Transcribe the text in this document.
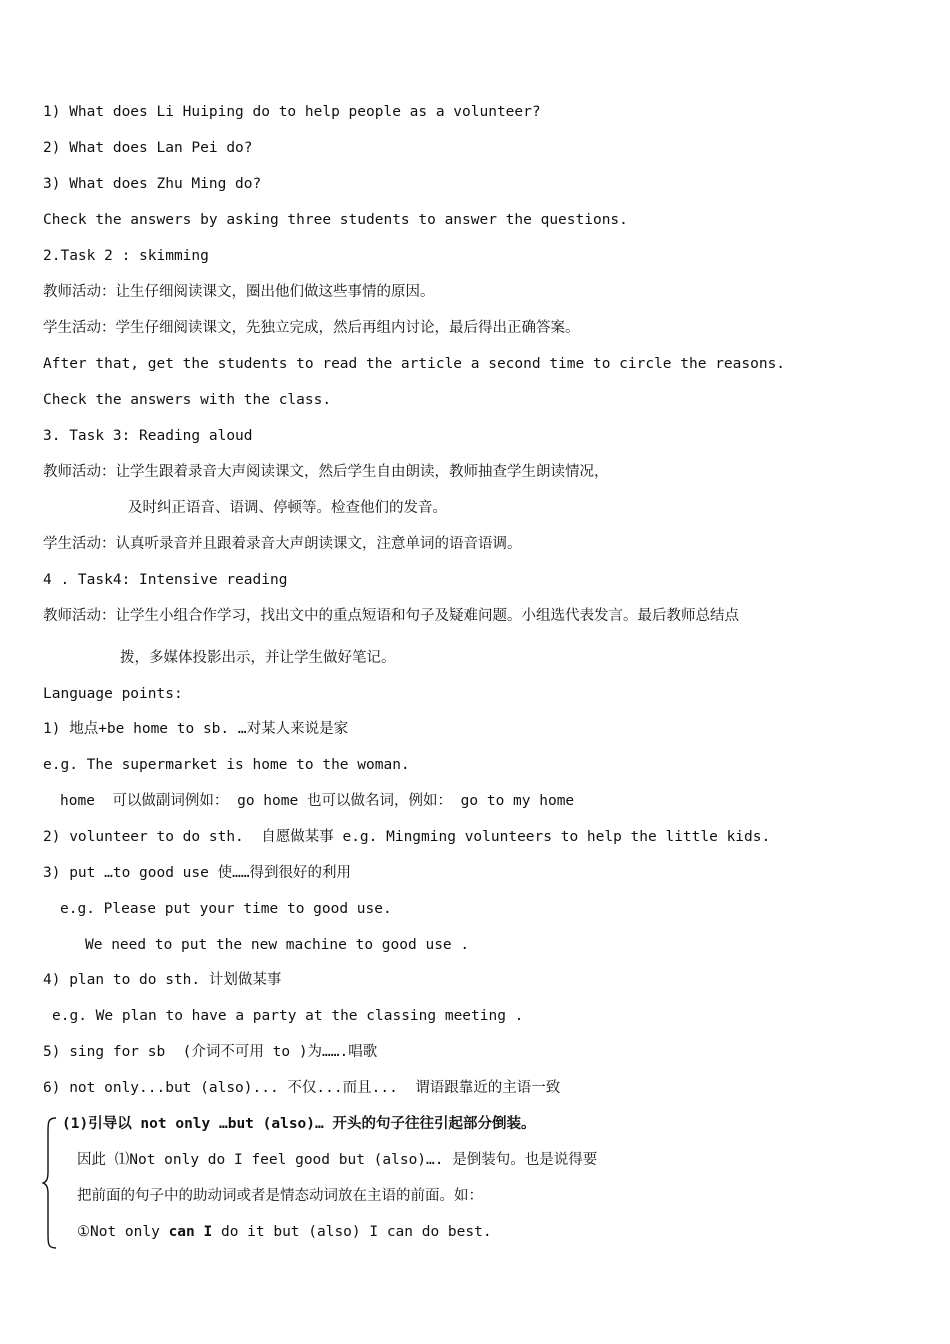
1) What does Li Huiping do to help people as a volunteer?
2) What does Lan Pei do?
3) What does Zhu Ming do?
Check the answers by asking three students to answer the questions.
2.Task 2 : skimming
教师活动：让生仔细阅读课文，圈出他们做这些事情的原因。
学生活动：学生仔细阅读课文，先独立完成，然后再组内讨论，最后得出正确答案。
After that, get the students to read the article a second time to circle the reasons.
Check the answers with the class.
3. Task 3: Reading aloud
教师活动：让学生跟着录音大声阅读课文，然后学生自由朗读，教师抽查学生朗读情况，
及时纠正语音、语调、停顿等。检查他们的发音。
学生活动：认真听录音并且跟着录音大声朗读课文，注意单词的语音语调。
4 . Task4: Intensive reading
教师活动：让学生小组合作学习，找出文中的重点短语和句子及疑难问题。小组选代表发言。最后教师总结点
拨，多媒体投影出示，并让学生做好笔记。
Language points:
1) 地点+be home to sb. …对某人来说是家
e.g. The supermarket is home to the woman.
home  可以做副词例如： go home 也可以做名词，例如： go to my home
2) volunteer to do sth.  自愿做某事 e.g. Mingming volunteers to help the little kids.
3) put …to good use 使……得到很好的利用
e.g. Please put your time to good use.
We need to put the new machine to good use .
4) plan to do sth. 计划做某事
e.g. We plan to have a party at the classing meeting .
5) sing for sb  (介词不可用 to )为…….唱歌
6) not only...but (also)... 不仅...而且...  谓语跟靠近的主语一致
(1)引导以 not only …but (also)… 开头的句子往往引起部分倒装。
因此 ⑴Not only do I feel good but (also)…. 是倒装句。也是说得要
把前面的句子中的助动词或者是情态动词放在主语的前面。如：
①Not only can I do it but (also) I can do best.
